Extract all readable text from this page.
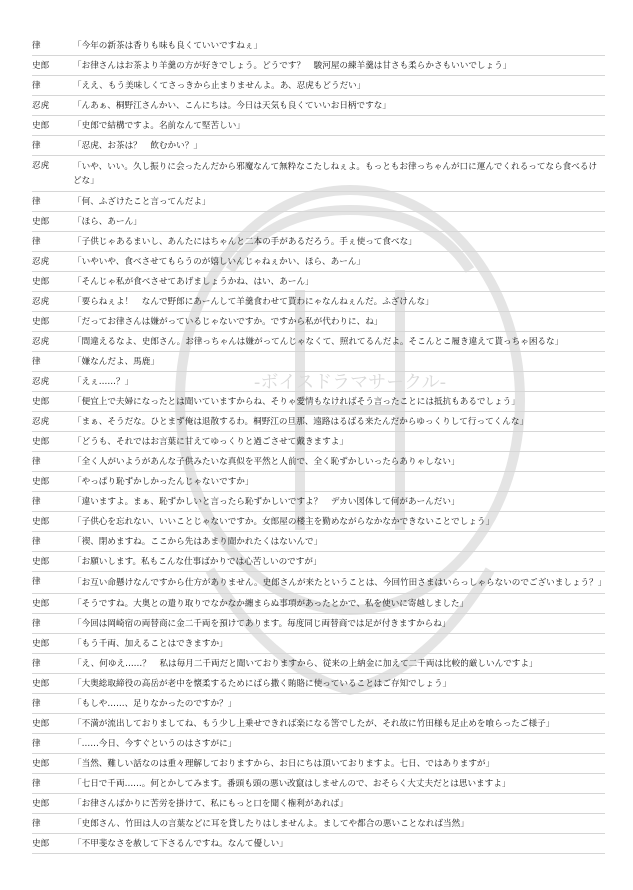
-ボイスドラマサークル-
律	「今年の新茶は香りも味も良くていいですねぇ」
史郎	「お律さんはお茶より羊羹の方が好きでしょう。どうです？　駿河屋の練羊羹は甘さも柔らかさもいいでしょう」
律	「ええ、もう美味しくてさっきから止まりませんよ。あ、忍虎もどうだい」
忍虎	「んあぁ、桐野江さんかい、こんにちは。今日は天気も良くていいお日柄ですな」
史郎	「史郎で結構ですよ。名前なんて堅苦しい」
律	「忍虎、お茶は？　飲むかい？」
忍虎	「いや、いい。久し振りに会ったんだから邪魔なんて無粋なこたしねぇよ。もっともお律っちゃんが口に運んでくれるってなら食べるけどな」
律	「何、ふざけたこと言ってんだよ」
史郎	「ほら、あーん」
律	「子供じゃあるまいし、あんたにはちゃんと二本の手があるだろう。手ぇ使って食べな」
忍虎	「いやいや、食べさせてもらうのが嬉しいんじゃねぇかい、ほら、あーん」
史郎	「そんじゃ私が食べさせてあげましょうかね、はい、あーん」
忍虎	「要らねぇよ！　なんで野郎にあーんして羊羹食わせて貰わにゃなんねぇんだ。ふざけんな」
史郎	「だってお律さんは嫌がっているじゃないですか。ですから私が代わりに、ね」
忍虎	「間違えるなよ、史郎さん。お律っちゃんは嫌がってんじゃなくて、照れてるんだよ。そこんとこ履き違えて貰っちゃ困るな」
律	「嫌なんだよ、馬鹿」
忍虎	「えぇ……？」
史郎	「便宜上で夫婦になったとは聞いていますからね、そりゃ愛情もなければそう言ったことには抵抗もあるでしょう」
忍虎	「まぁ、そうだな。ひとまず俺は退散するわ。桐野江の旦那、遠路はるばる来たんだからゆっくりして行ってくんな」
史郎	「どうも、それではお言葉に甘えてゆっくりと過ごさせて戴きますよ」
律	「全く人がいようがあんな子供みたいな真似を平然と人前で、全く恥ずかしいったらありゃしない」
史郎	「やっぱり恥ずかしかったんじゃないですか」
律	「違いますよ。まぁ、恥ずかしいと言ったら恥ずかしいですよ？　デカい図体して何があーんだい」
史郎	「子供心を忘れない、いいことじゃないですか。女郎屋の楼主を勤めながらなかなかできないことでしょう」
律	「禊、閉めますね。ここから先はあまり聞かれたくはないんで」
史郎	「お願いします。私もこんな仕事ばかりでは心苦しいのですが」
律	「お互い命懸けなんですから仕方がありません。史郎さんが来たということは、今回竹田さまはいらっしゃらないのでございましょう？」
史郎	「そうですね。大奥との遣り取りでなかなか纏まらぬ事項があったとかで、私を使いに寄越しました」
律	「今回は岡崎宿の両替商に金二千両を預けてあります。毎度同じ両替商では足が付きますからね」
史郎	「もう千両、加えることはできますか」
律	「え、何ゆえ……？　私は毎月二千両だと聞いておりますから、従来の上納金に加えて二千両は比較的厳しいんですよ」
史郎	「大奥総取締役の高岳が老中を懐柔するためにばら撒く賄賂に使っていることはご存知でしょう」
律	「もしや……、足りなかったのですか？」
史郎	「不満が流出しておりましてね、もう少し上乗せできれば楽になる筈でしたが、それ故に竹田様も足止めを喰らったご様子」
律	「……今日、今すぐというのはさすがに」
史郎	「当然、難しい話なのは重々理解しておりますから、お日にちは頂いておりますよ。七日、ではありますが」
律	「七日で千両……。何とかしてみます。番頭も頭の悪い改竄はしませんので、おそらく大丈夫だとは思いますよ」
史郎	「お律さんばかりに苦労を掛けて、私にもっと口を聞く権利があれば」
律	「史郎さん、竹田は人の言葉などに耳を貸したりはしませんよ。ましてや都合の悪いことなれば当然」
史郎	「不甲斐なさを赦して下さるんですね。なんて優しい」
